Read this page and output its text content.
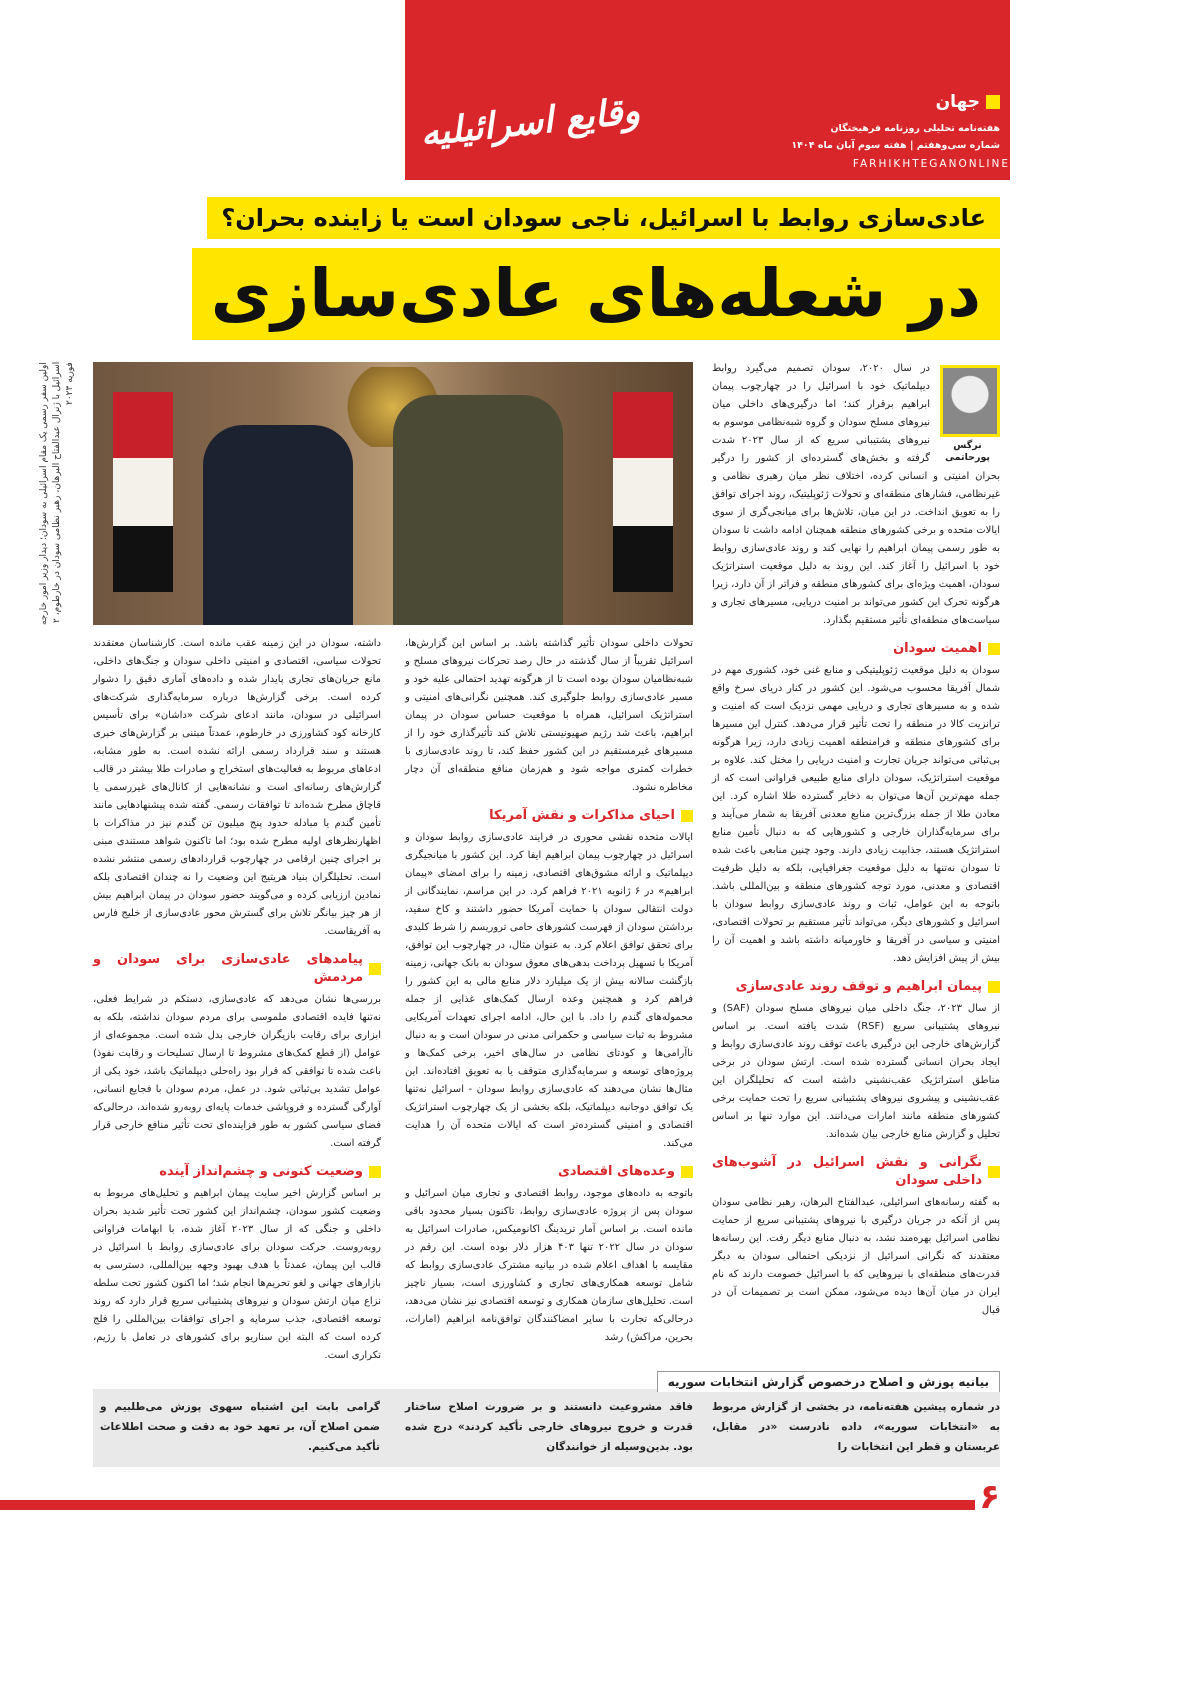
وقایع اسرائیلیه	جهان
هفته‌نامه تحلیلی روزنامه فرهیختگان
شماره سی‌وهفتم | هفته سوم آبان ماه ۱۴۰۴
FARHIKHTEGANONLINE
عادی‌سازی روابط با اسرائیل، ناجی سودان است یا زاینده بحران؟
در شعله‌های عادی‌سازی
اولین سفر رسمی یک مقام اسرائیلی به سودان؛ دیدار وزیر امور خارجه اسرائیل با ژنرال عبدالفتاح البرهان، رهبر نظامی سودان در خارطوم، ۲ فوریه ۲۰۲۳
نرگس پورحاتمی

در سال ۲۰۲۰، سودان تصمیم می‌گیرد روابط دیپلماتیک خود با اسرائیل را در چهارچوب پیمان ابراهیم برقرار کند؛ اما درگیری‌های داخلی میان نیروهای مسلح سودان و گروه شبه‌نظامی موسوم به نیروهای پشتیبانی سریع که از سال ۲۰۲۳ شدت گرفته و بخش‌های گسترده‌ای از کشور را درگیر بحران امنیتی و انسانی کرده، اختلاف نظر میان رهبری نظامی و غیرنظامی، فشارهای منطقه‌ای و تحولات ژئوپلیتیک، روند اجرای توافق را به تعویق انداخت. در این میان، تلاش‌ها برای میانجی‌گری از سوی ایالات متحده و برخی کشورهای منطقه همچنان ادامه داشت تا سودان به طور رسمی پیمان ابراهیم را نهایی کند و روند عادی‌سازی روابط خود با اسرائیل را آغاز کند. این روند به دلیل موقعیت استراتژیک سودان، اهمیت ویژه‌ای برای کشورهای منطقه و فراتر از آن دارد، زیرا هرگونه تحرک این کشور می‌تواند بر امنیت دریایی، مسیرهای تجاری و سیاست‌های منطقه‌ای تأثیر مستقیم بگذارد.

اهمیت سودان

سودان به دلیل موقعیت ژئوپلیتیکی و منابع غنی خود، کشوری مهم در شمال آفریقا محسوب می‌شود. این کشور در کنار دریای سرخ واقع شده و به مسیرهای تجاری و دریایی مهمی نزدیک است که امنیت و ترانزیت کالا در منطقه را تحت تأثیر قرار می‌دهد. کنترل این مسیرها برای کشورهای منطقه و فرامنطقه اهمیت زیادی دارد، زیرا هرگونه بی‌ثباتی می‌تواند جریان تجارت و امنیت دریایی را مختل کند. علاوه بر موقعیت استراتژیک، سودان دارای منابع طبیعی فراوانی است که از جمله مهم‌ترین آن‌ها می‌توان به ذخایر گسترده طلا اشاره کرد. این معادن طلا از جمله بزرگ‌ترین منابع معدنی آفریقا به شمار می‌آیند و برای سرمایه‌گذاران خارجی و کشورهایی که به دنبال تأمین منابع استراتژیک هستند، جذابیت زیادی دارند. وجود چنین منابعی باعث شده تا سودان نه‌تنها به دلیل موقعیت جغرافیایی، بلکه به دلیل ظرفیت اقتصادی و معدنی، مورد توجه کشورهای منطقه و بین‌المللی باشد. باتوجه به این عوامل، ثبات و روند عادی‌سازی روابط سودان با اسرائیل و کشورهای دیگر، می‌تواند تأثیر مستقیم بر تحولات اقتصادی، امنیتی و سیاسی در آفریقا و خاورمیانه داشته باشد و اهمیت آن را بیش از پیش افزایش دهد.

پیمان ابراهیم و توقف روند عادی‌سازی

از سال ۲۰۲۳، جنگ داخلی میان نیروهای مسلح سودان (SAF) و نیروهای پشتیبانی سریع (RSF) شدت یافته است. بر اساس گزارش‌های خارجی این درگیری باعث توقف روند عادی‌سازی روابط و ایجاد بحران انسانی گسترده شده است. ارتش سودان در برخی مناطق استراتژیک عقب‌نشینی داشته است که تحلیلگران این عقب‌نشینی و پیشروی نیروهای پشتیبانی سریع را تحت حمایت برخی کشورهای منطقه مانند امارات می‌دانند. این موارد تنها بر اساس تحلیل و گزارش منابع خارجی بیان شده‌اند.

نگرانی و نقش اسرائیل در آشوب‌های داخلی سودان

به گفته رسانه‌های اسرائیلی، عبدالفتاح البرهان، رهبر نظامی سودان پس از آنکه در جریان درگیری با نیروهای پشتیبانی سریع از حمایت نظامی اسرائیل بهره‌مند نشد، به دنبال منابع دیگر رفت. این رسانه‌ها معتقدند که نگرانی اسرائیل از نزدیکی احتمالی سودان به دیگر قدرت‌های منطقه‌ای با نیروهایی که با اسرائیل خصومت دارند که نام ایران در میان آن‌ها دیده می‌شود، ممکن است بر تصمیمات آن در قبال

تحولات داخلی سودان تأثیر گذاشته باشد. بر اساس این گزارش‌ها، اسرائیل تقریباً از سال گذشته در حال رصد تحرکات نیروهای مسلح و شبه‌نظامیان سودان بوده است تا از هرگونه تهدید احتمالی علیه خود و مسیر عادی‌سازی روابط جلوگیری کند. همچنین نگرانی‌های امنیتی و استراتژیک اسرائیل، همراه با موقعیت حساس سودان در پیمان ابراهیم، باعث شد رژیم صهیونیستی تلاش کند تأثیرگذاری خود را از مسیرهای غیرمستقیم در این کشور حفظ کند، تا روند عادی‌سازی با خطرات کمتری مواجه شود و هم‌زمان منافع منطقه‌ای آن دچار مخاطره نشود.

احیای مذاکرات و نقش آمریکا

ایالات متحده نقشی محوری در فرایند عادی‌سازی روابط سودان و اسرائیل در چهارچوب پیمان ابراهیم ایفا کرد. این کشور با میانجیگری دیپلماتیک و ارائه مشوق‌های اقتصادی، زمینه را برای امضای «پیمان ابراهیم» در ۶ ژانویه ۲۰۲۱ فراهم کرد. در این مراسم، نمایندگانی از دولت انتقالی سودان با حمایت آمریکا حضور داشتند و کاخ سفید، برداشتن سودان از فهرست کشورهای حامی تروریسم را شرط کلیدی برای تحقق توافق اعلام کرد. به عنوان مثال، در چهارچوب این توافق، آمریکا با تسهیل پرداخت بدهی‌های معوق سودان به بانک جهانی، زمینه بازگشت سالانه بیش از یک میلیارد دلار منابع مالی به این کشور را فراهم کرد و همچنین وعده ارسال کمک‌های غذایی از جمله محموله‌های گندم را داد. با این حال، ادامه اجرای تعهدات آمریکایی مشروط به ثبات سیاسی و حکمرانی مدنی در سودان است و به دنبال ناآرامی‌ها و کودتای نظامی در سال‌های اخیر، برخی کمک‌ها و پروژه‌های توسعه و سرمایه‌گذاری متوقف یا به تعویق افتاده‌اند. این مثال‌ها نشان می‌دهند که عادی‌سازی روابط سودان - اسرائیل نه‌تنها یک توافق دوجانبه دیپلماتیک، بلکه بخشی از یک چهارچوب استراتژیک اقتصادی و امنیتی گسترده‌تر است که ایالات متحده آن را هدایت می‌کند.

وعده‌های اقتصادی

باتوجه به داده‌های موجود، روابط اقتصادی و تجاری میان اسرائیل و سودان پس از پروژه عادی‌سازی روابط، تاکنون بسیار محدود باقی مانده است. بر اساس آمار تریدینگ اکانومیکس، صادرات اسرائیل به سودان در سال ۲۰۲۲ تنها ۴۰۳ هزار دلار بوده است. این رقم در مقایسه با اهداف اعلام شده در بیانیه مشترک عادی‌سازی روابط که شامل توسعه همکاری‌های تجاری و کشاورزی است، بسیار ناچیز است. تحلیل‌های سازمان همکاری و توسعه اقتصادی نیز نشان می‌دهد، درحالی‌که تجارت با سایر امضاکنندگان توافق‌نامه ابراهیم (امارات، بحرین، مراکش) رشد

داشته، سودان در این زمینه عقب مانده است. کارشناسان معتقدند تحولات سیاسی، اقتصادی و امنیتی داخلی سودان و جنگ‌های داخلی، مانع جریان‌های تجاری پایدار شده و داده‌های آماری دقیق را دشوار کرده است. برخی گزارش‌ها درباره سرمایه‌گذاری شرکت‌های اسرائیلی در سودان، مانند ادعای شرکت «داشان» برای تأسیس کارخانه کود کشاورزی در خارطوم، عمدتاً مبتنی بر گزارش‌های خبری هستند و سند قرارداد رسمی ارائه نشده است. به طور مشابه، ادعاهای مربوط به فعالیت‌های استخراج و صادرات طلا بیشتر در قالب گزارش‌های رسانه‌ای است و نشانه‌هایی از کانال‌های غیررسمی یا قاچاق مطرح شده‌اند تا توافقات رسمی. گفته شده پیشنهادهایی مانند تأمین گندم یا مبادله حدود پنج میلیون تن گندم نیز در مذاکرات با اظهارنظرهای اولیه مطرح شده بود؛ اما تاکنون شواهد مستندی مبنی بر اجرای چنین ارقامی در چهارچوب قراردادهای رسمی منتشر نشده است. تحلیلگران بنیاد هریتیج این وضعیت را نه چندان اقتصادی بلکه نمادین ارزیابی کرده و می‌گویند حضور سودان در پیمان ابراهیم بیش از هر چیز بیانگر تلاش برای گسترش محور عادی‌سازی از خلیج فارس به آفریقاست.

پیامدهای عادی‌سازی برای سودان و مردمش

بررسی‌ها نشان می‌دهد که عادی‌سازی، دستکم در شرایط فعلی، نه‌تنها فایده اقتصادی ملموسی برای مردم سودان نداشته، بلکه به ابزاری برای رقابت بازیگران خارجی بدل شده است. مجموعه‌ای از عوامل (از قطع کمک‌های مشروط تا ارسال تسلیحات و رقابت نفوذ) باعث شده تا توافقی که قرار بود راه‌حلی دیپلماتیک باشد، خود یکی از عوامل تشدید بی‌ثباتی شود. در عمل، مردم سودان با فجایع انسانی، آوارگی گسترده و فروپاشی خدمات پایه‌ای روبه‌رو شده‌اند، درحالی‌که فضای سیاسی کشور به طور فزاینده‌ای تحت تأثیر منافع خارجی قرار گرفته است.

وضعیت کنونی و چشم‌انداز آینده

بر اساس گزارش اخیر سایت پیمان ابراهیم و تحلیل‌های مربوط به وضعیت کشور سودان، چشم‌انداز این کشور تحت تأثیر شدید بحران داخلی و جنگی که از سال ۲۰۲۳ آغاز شده، با ابهامات فراوانی روبه‌روست. حرکت سودان برای عادی‌سازی روابط با اسرائیل در قالب این پیمان، عمدتاً با هدف بهبود وجهه بین‌المللی، دسترسی به بازارهای جهانی و لغو تحریم‌ها انجام شد؛ اما اکنون کشور تحت سلطه نزاع میان ارتش سودان و نیروهای پشتیبانی سریع قرار دارد که روند توسعه اقتصادی، جذب سرمایه و اجرای توافقات بین‌المللی را فلج کرده است که البته این سناریو برای کشورهای در تعامل با رژیم، تکراری است.

بیانیه پوزش و اصلاح درخصوص گزارش انتخابات سوریه
در شماره پیشین هفته‌نامه، در بخشی از گزارش مربوط به «انتخابات سوریه»، داده نادرست «در مقابل، عربستان و قطر این انتخابات را
فاقد مشروعیت دانستند و بر ضرورت اصلاح ساختار قدرت و خروج نیروهای خارجی تأکید کردند» درج شده بود. بدین‌وسیله از خوانندگان
گرامی بابت این اشتباه سهوی پوزش می‌طلبیم و ضمن اصلاح آن، بر تعهد خود به دقت و صحت اطلاعات تأکید می‌کنیم.
۶
